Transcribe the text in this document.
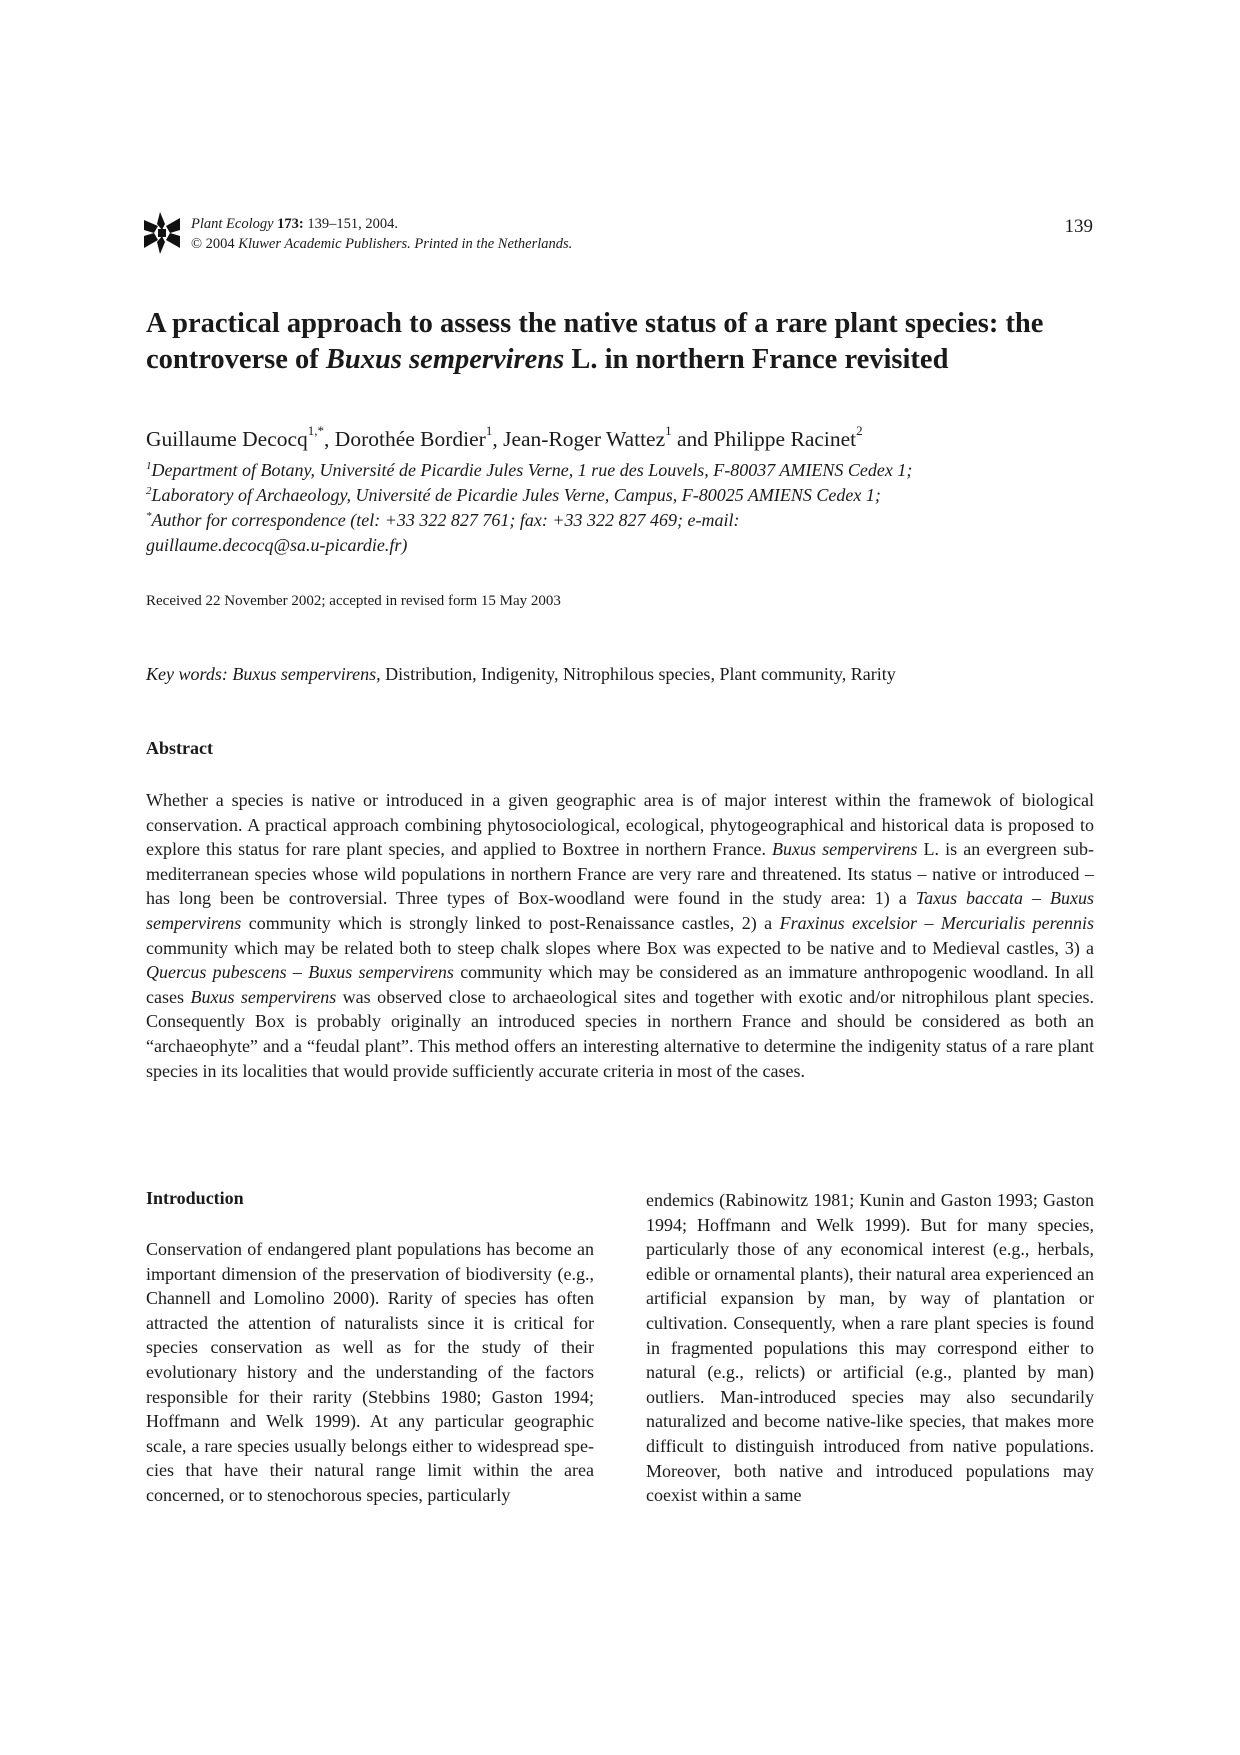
Plant Ecology 173: 139–151, 2004.
© 2004 Kluwer Academic Publishers. Printed in the Netherlands.
139
A practical approach to assess the native status of a rare plant species: the controverse of Buxus sempervirens L. in northern France revisited
Guillaume Decocq$^{1,*}$, Dorothée Bordier$^1$, Jean-Roger Wattez$^1$ and Philippe Racinet$^2$
$^1$Department of Botany, Université de Picardie Jules Verne, 1 rue des Louvels, F-80037 AMIENS Cedex 1;
$^2$Laboratory of Archaeology, Université de Picardie Jules Verne, Campus, F-80025 AMIENS Cedex 1;
*Author for correspondence (tel: +33 322 827 761; fax: +33 322 827 469; e-mail:
guillaume.decocq@sa.u-picardie.fr)
Received 22 November 2002; accepted in revised form 15 May 2003
Key words: Buxus sempervirens, Distribution, Indigenity, Nitrophilous species, Plant community, Rarity
Abstract

Whether a species is native or introduced in a given geographic area is of major interest within the framewok of biological conservation. A practical approach combining phytosociological, ecological, phytogeographical and historical data is proposed to explore this status for rare plant species, and applied to Boxtree in northern France. Buxus sempervirens L. is an evergreen sub-mediterranean species whose wild populations in northern France are very rare and threatened. Its status – native or introduced – has long been be controversial. Three types of Box-woodland were found in the study area: 1) a Taxus baccata – Buxus sempervirens community which is strongly linked to post-Renaissance castles, 2) a Fraxinus excelsior – Mercurialis perennis community which may be related both to steep chalk slopes where Box was expected to be native and to Medieval castles, 3) a Quercus pubescens – Buxus sempervirens community which may be considered as an immature anthropogenic woodland. In all cases Buxus sempervirens was observed close to archaeological sites and together with exotic and/or nitrophilous plant species. Consequently Box is probably originally an introduced species in northern France and should be considered as both an “archaeophyte” and a “feudal plant”. This method offers an interesting alternative to determine the indigenity status of a rare plant species in its localities that would provide sufficiently accurate criteria in most of the cases.

Introduction

Conservation of endangered plant populations has become an important dimension of the preservation of biodiversity (e.g., Channell and Lomolino 2000). Rarity of species has often attracted the attention of naturalists since it is critical for species conservation as well as for the study of their evolutionary history and the understanding of the factors responsible for their rarity (Stebbins 1980; Gaston 1994; Hoffmann and Welk 1999). At any particular geographic scale, a rare species usually belongs either to widespread species that have their natural range limit within the area concerned, or to stenochorous species, particularly

endemics (Rabinowitz 1981; Kunin and Gaston 1993; Gaston 1994; Hoffmann and Welk 1999). But for many species, particularly those of any economical interest (e.g., herbals, edible or ornamental plants), their natural area experienced an artificial expansion by man, by way of plantation or cultivation. Consequently, when a rare plant species is found in fragmented populations this may correspond either to natural (e.g., relicts) or artificial (e.g., planted by man) outliers. Man-introduced species may also secundarily naturalized and become native-like species, that makes more difficult to distinguish introduced from native populations. Moreover, both native and introduced populations may coexist within a same
